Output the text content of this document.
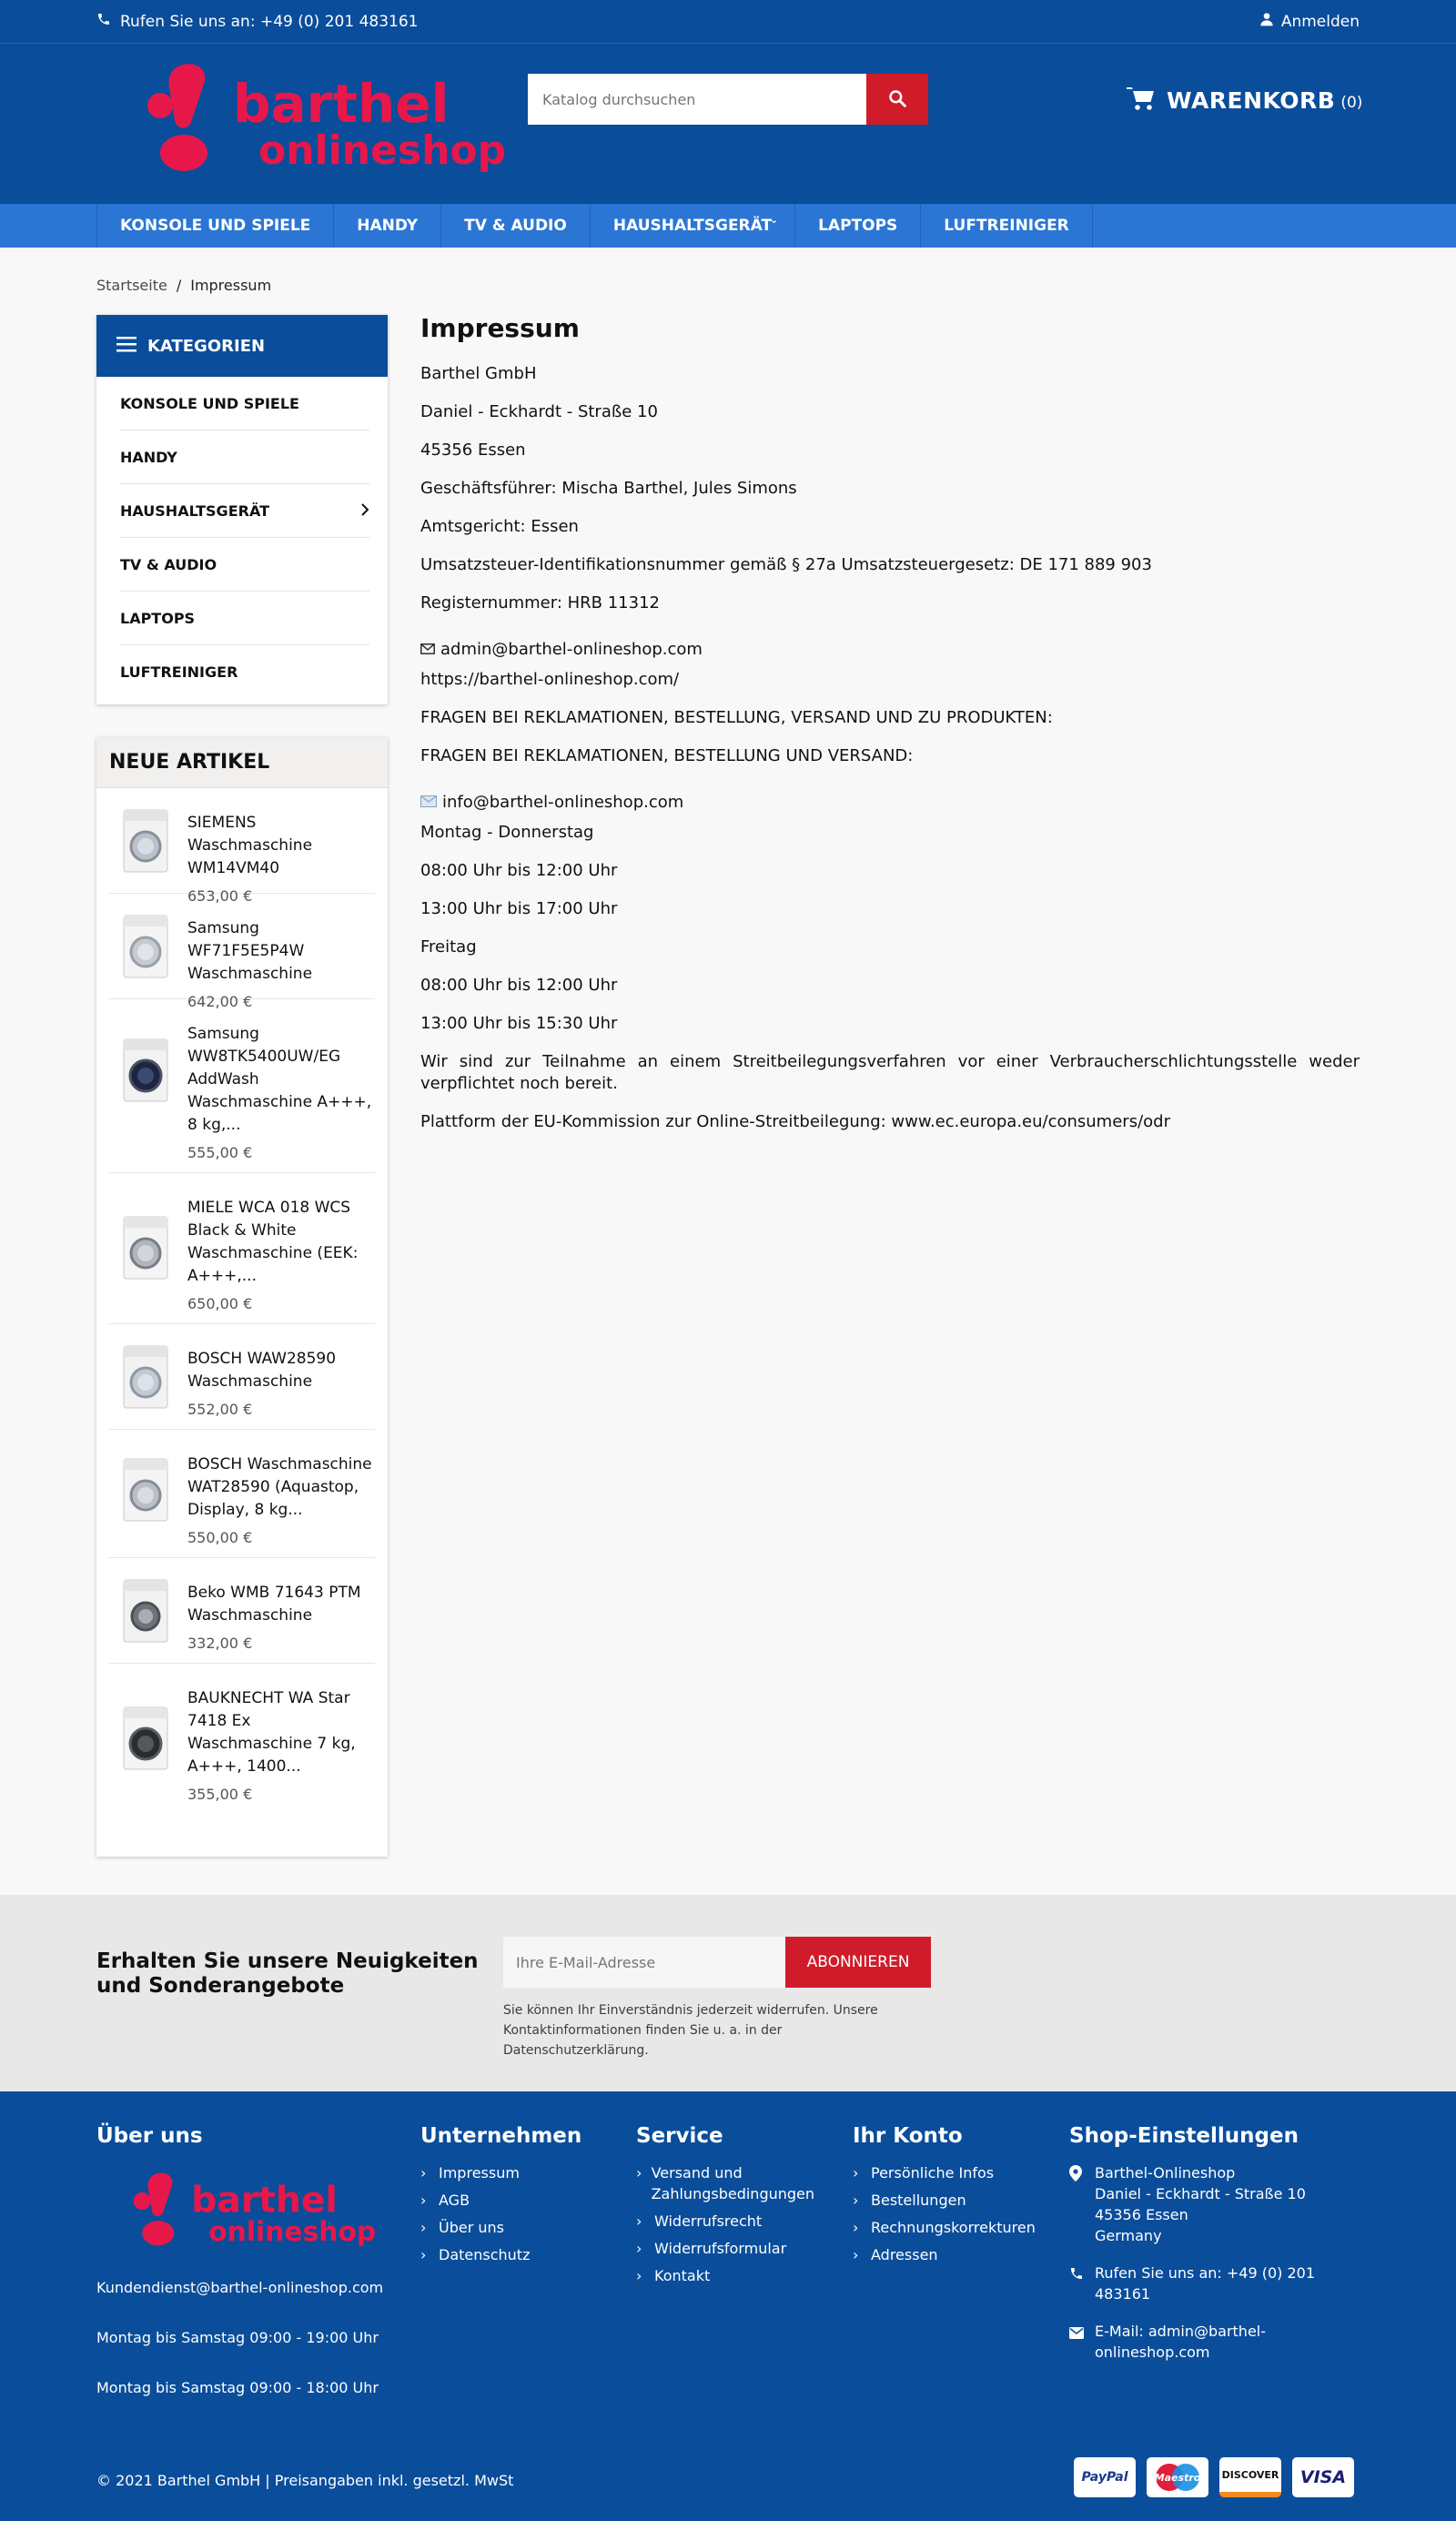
Rufen Sie uns an: +49 (0) 201 483161	Anmelden
barthel
onlineshop
Katalog durchsuchen
WARENKORB (0)
KONSOLE UND SPIELE	HANDY	TV & AUDIO	HAUSHALTSGERÄT
⌄	LAPTOPS	LUFTREINIGER
Startseite / Impressum
KATEGORIEN
KONSOLE UND SPIELE
HANDY
HAUSHALTSGERÄT
TV & AUDIO
LAPTOPS
LUFTREINIGER
NEUE ARTIKEL
SIEMENS Waschmaschine WM14VM40
653,00 €
Samsung WF71F5E5P4W Waschmaschine
642,00 €
Samsung WW8TK5400UW/EG AddWash Waschmaschine A+++, 8 kg,...
555,00 €
MIELE WCA 018 WCS Black & White Waschmaschine (EEK: A+++,...
650,00 €
BOSCH WAW28590 Waschmaschine
552,00 €
BOSCH Waschmaschine WAT28590 (Aquastop, Display, 8 kg...
550,00 €
Beko WMB 71643 PTM Waschmaschine
332,00 €
BAUKNECHT WA Star 7418 Ex Waschmaschine 7 kg, A+++, 1400...
355,00 €
Impressum

Barthel GmbH

Daniel - Eckhardt - Straße 10

45356 Essen

Geschäftsführer: Mischa Barthel, Jules Simons

Amtsgericht: Essen

Umsatzsteuer-Identifikationsnummer gemäß § 27a Umsatzsteuergesetz: DE 171 889 903

Registernummer: HRB 11312

admin@barthel-onlineshop.com

https://barthel-onlineshop.com/

FRAGEN BEI REKLAMATIONEN, BESTELLUNG, VERSAND UND ZU PRODUKTEN:

FRAGEN BEI REKLAMATIONEN, BESTELLUNG UND VERSAND:

info@barthel-onlineshop.com

Montag - Donnerstag

08:00 Uhr bis 12:00 Uhr

13:00 Uhr bis 17:00 Uhr

Freitag

08:00 Uhr bis 12:00 Uhr

13:00 Uhr bis 15:30 Uhr

Wir sind zur Teilnahme an einem Streitbeilegungsverfahren vor einer Verbraucherschlichtungsstelle weder verpflichtet noch bereit.

Plattform der EU-Kommission zur Online-Streitbeilegung: www.ec.europa.eu/consumers/odr

Erhalten Sie unsere Neuigkeiten und Sonderangebote
Ihre E-Mail-Adresse
ABONNIEREN
Sie können Ihr Einverständnis jederzeit widerrufen. Unsere Kontaktinformationen finden Sie u. a. in der Datenschutzerklärung.
Über uns
barthel
onlineshop
Kundendienst@barthel-onlineshop.com
Montag bis Samstag 09:00 - 19:00 Uhr
Montag bis Samstag 09:00 - 18:00 Uhr
Unternehmen
› Impressum
› AGB
› Über uns
› Datenschutz
Service
› Versand und Zahlungsbedingungen
› Widerrufsrecht
› Widerrufsformular
› Kontakt
Ihr Konto
› Persönliche Infos
› Bestellungen
› Rechnungskorrekturen
› Adressen
Shop-Einstellungen
Barthel-Onlineshop
Daniel - Eckhardt - Straße 10
45356 Essen
Germany
Rufen Sie uns an: +49 (0) 201 483161
E-Mail: admin@barthel-
onlineshop.com
© 2021 Barthel GmbH | Preisangaben inkl. gesetzl. MwSt	PayPal	Maestro DISCOVER	VISA
